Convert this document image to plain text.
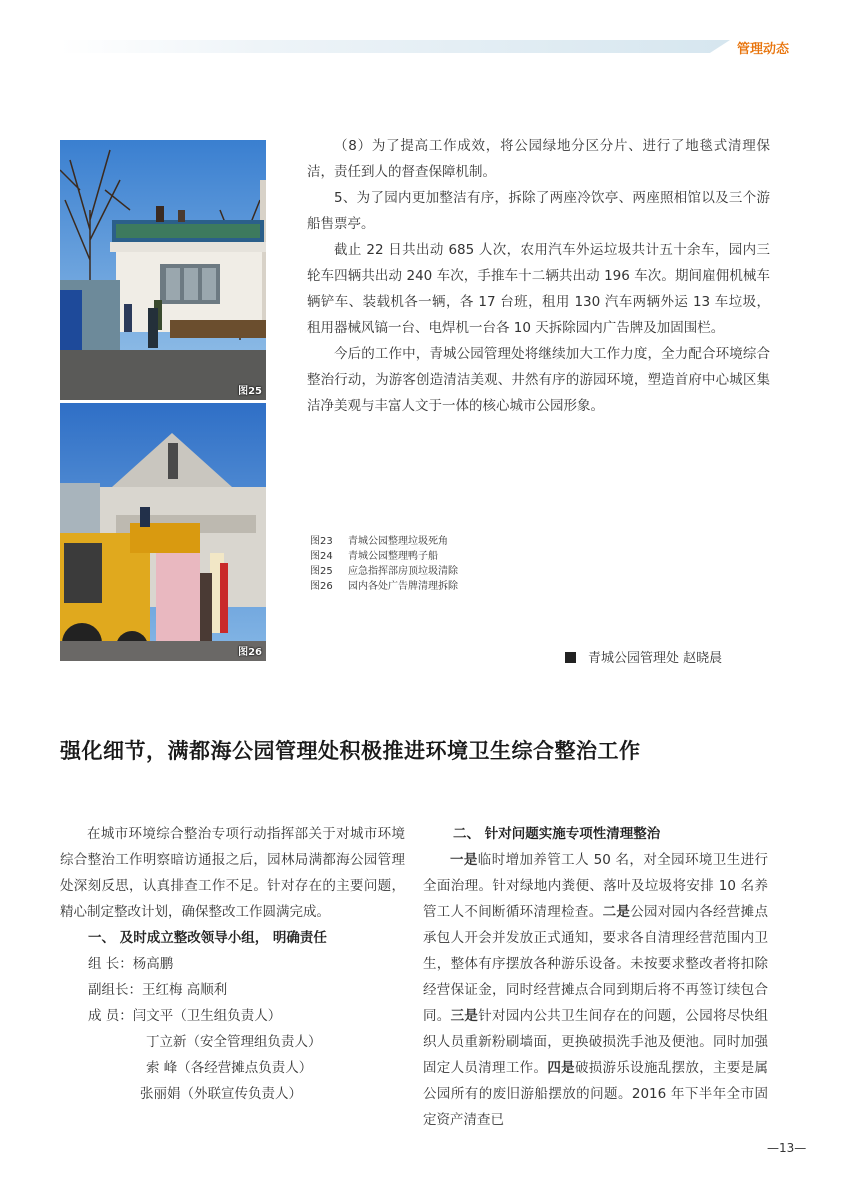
管理动态
图25
图26

（8）为了提高工作成效，将公园绿地分区分片、进行了地毯式清理保洁，责任到人的督查保障机制。

5、为了园内更加整洁有序，拆除了两座冷饮亭、两座照相馆以及三个游船售票亭。

截止 22 日共出动 685 人次，农用汽车外运垃圾共计五十余车，园内三轮车四辆共出动 240 车次，手推车十二辆共出动 196 车次。期间雇佣机械车辆铲车、装载机各一辆，各 17 台班，租用 130 汽车两辆外运 13 车垃圾，租用器械风镐一台、电焊机一台各 10 天拆除园内广告牌及加固围栏。

今后的工作中，青城公园管理处将继续加大工作力度，全力配合环境综合整治行动，为游客创造清洁美观、井然有序的游园环境，塑造首府中心城区集洁净美观与丰富人文于一体的核心城市公园形象。

图23 青城公园整理垃圾死角
图24 青城公园整理鸭子船
图25 应急指挥部房顶垃圾清除
图26 园内各处广告牌清理拆除
青城公园管理处 赵晓晨
强化细节，满都海公园管理处积极推进环境卫生综合整治工作

在城市环境综合整治专项行动指挥部关于对城市环境综合整治工作明察暗访通报之后，园林局满都海公园管理处深刻反思，认真排查工作不足。针对存在的主要问题，精心制定整改计划，确保整改工作圆满完成。

一、 及时成立整改领导小组， 明确责任
组 长：杨高鹏
副组长：王红梅 高顺利
成 员：闫文平（卫生组负责人）
丁立新（安全管理组负责人）
索 峰（各经营摊点负责人）
张丽娟（外联宣传负责人）
二、 针对问题实施专项性清理整治

一是临时增加养管工人 50 名，对全园环境卫生进行全面治理。针对绿地内粪便、落叶及垃圾将安排 10 名养管工人不间断循环清理检查。二是公园对园内各经营摊点承包人开会并发放正式通知，要求各自清理经营范围内卫生，整体有序摆放各种游乐设备。未按要求整改者将扣除经营保证金，同时经营摊点合同到期后将不再签订续包合同。三是针对园内公共卫生间存在的问题，公园将尽快组织人员重新粉刷墙面，更换破损洗手池及便池。同时加强固定人员清理工作。四是破损游乐设施乱摆放，主要是属公园所有的废旧游船摆放的问题。2016 年下半年全市固定资产清查已

—13—
